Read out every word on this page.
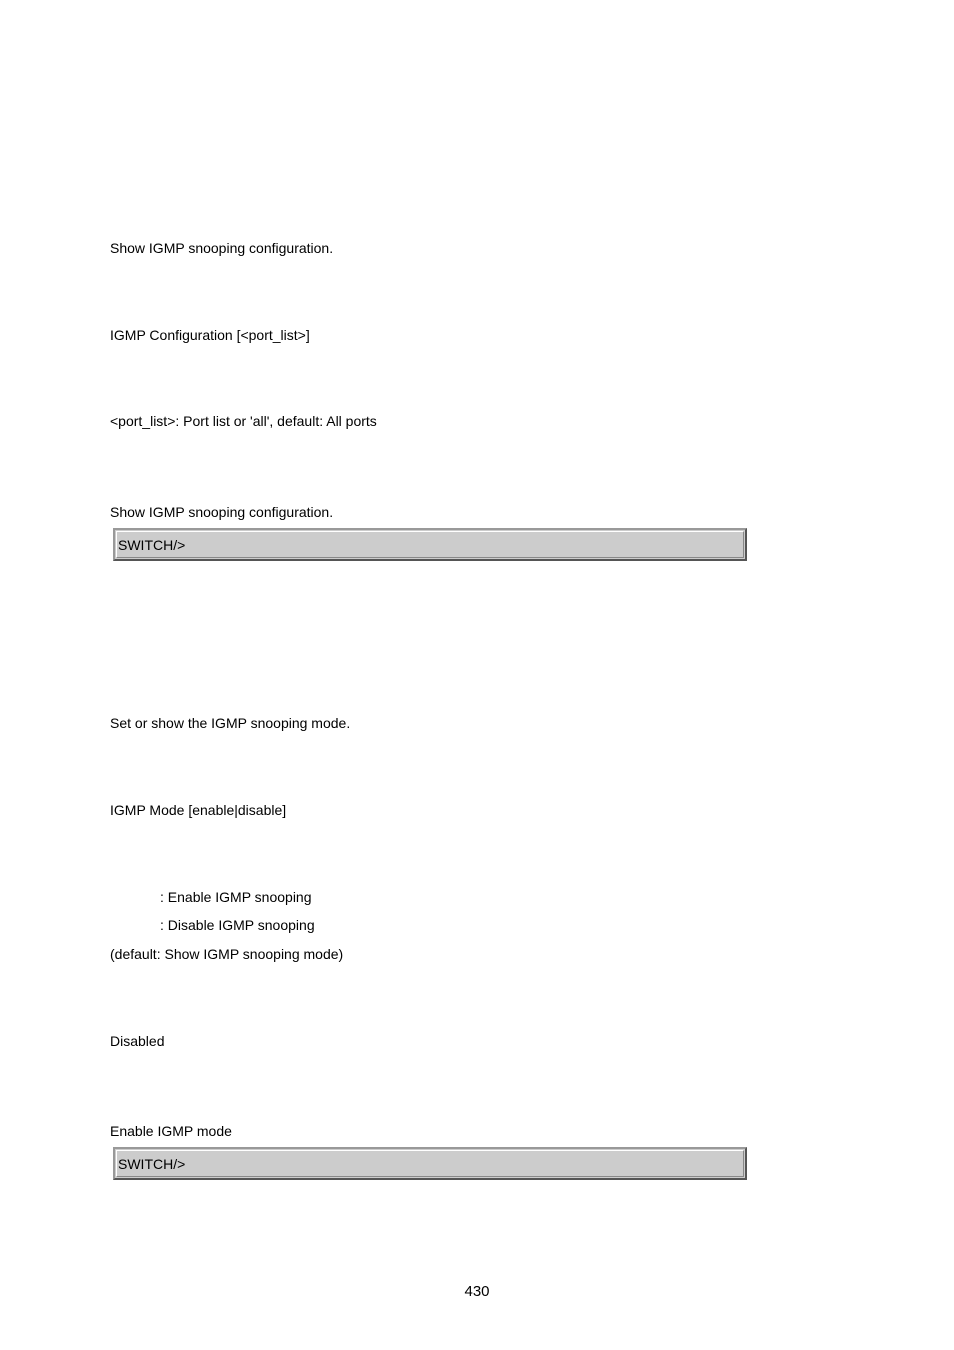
Show IGMP snooping configuration.
IGMP Configuration [<port_list>]
<port_list>: Port list or 'all', default: All ports
Show IGMP snooping configuration.
SWITCH/>
Set or show the IGMP snooping mode.
IGMP Mode [enable|disable]
: Enable IGMP snooping
: Disable IGMP snooping
(default: Show IGMP snooping mode)
Disabled
Enable IGMP mode
SWITCH/>
430
